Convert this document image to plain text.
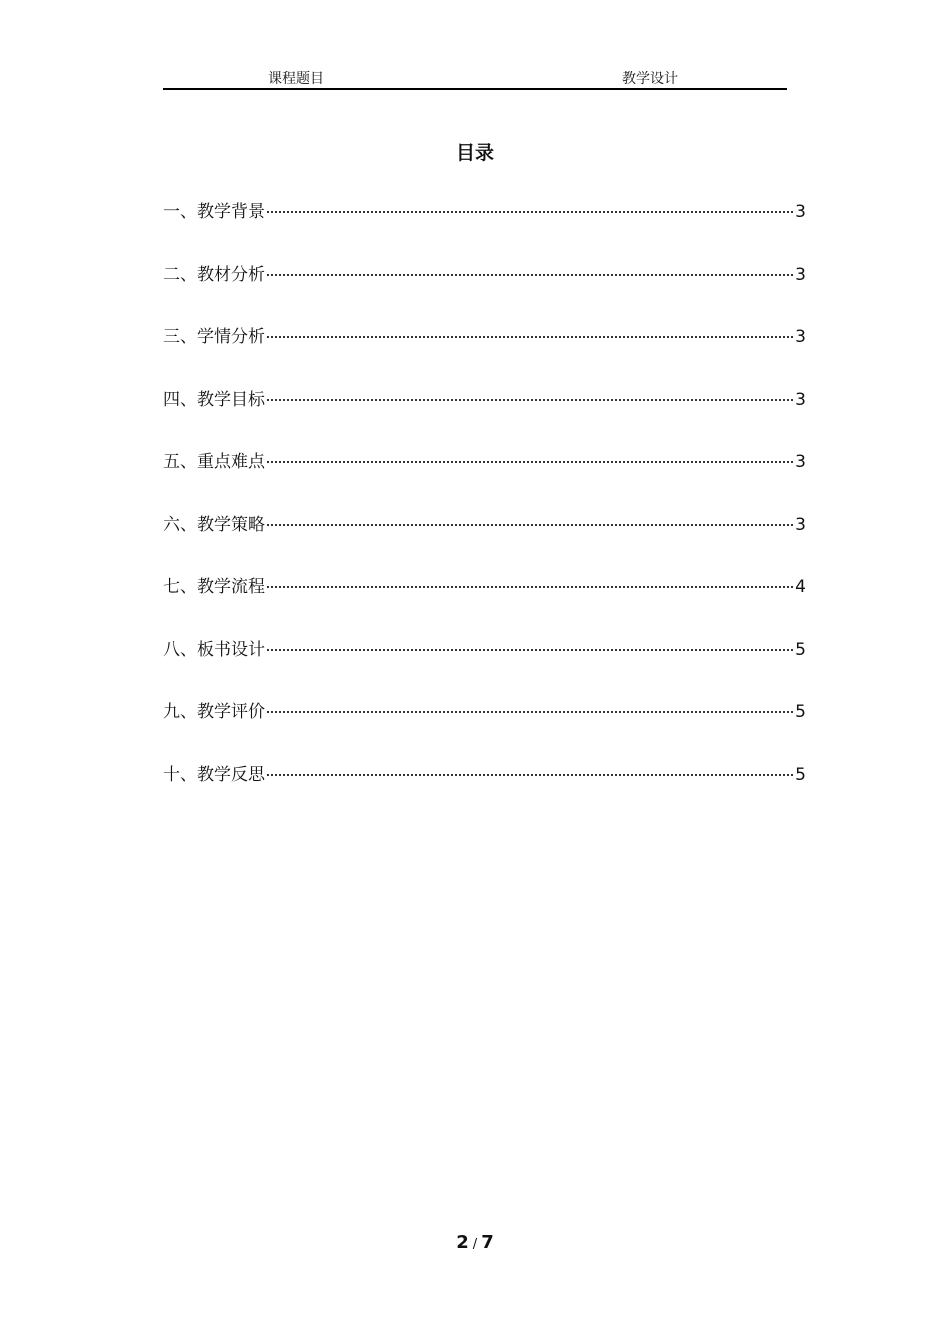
课程题目	教学设计
目录
一、教学背景	3
二、教材分析	3
三、学情分析	3
四、教学目标	3
五、重点难点	3
六、教学策略	3
七、教学流程	4
八、板书设计	5
九、教学评价	5
十、教学反思	5
2 / 7
